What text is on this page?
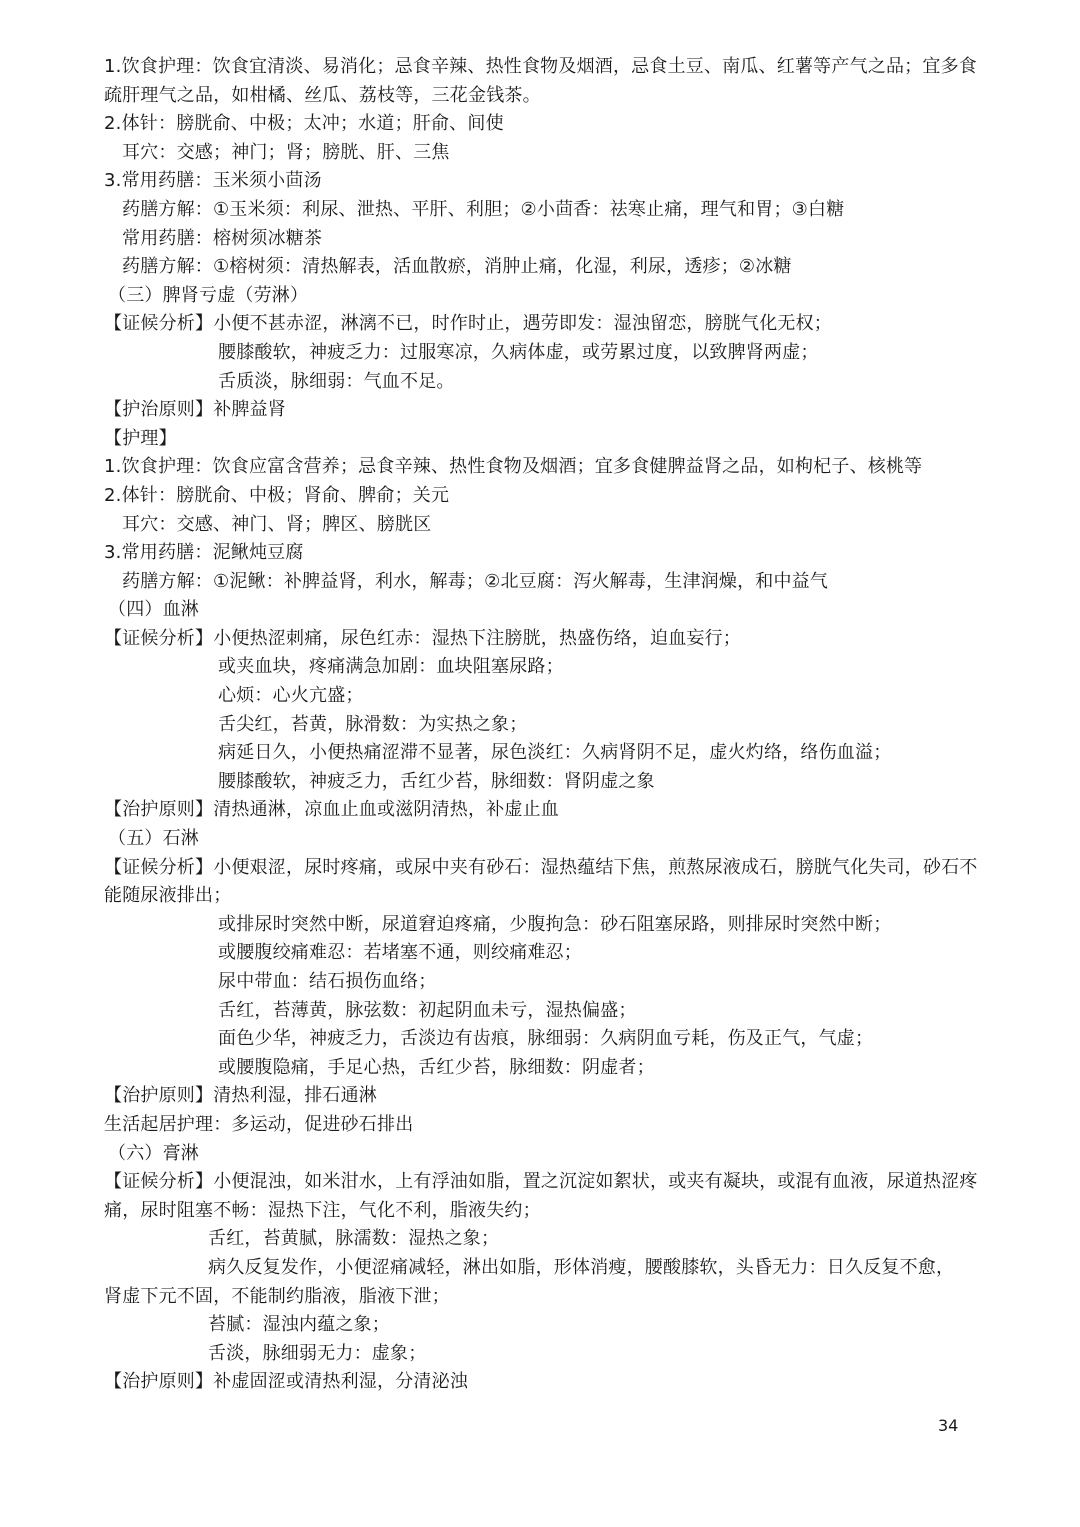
1.饮食护理：饮食宜清淡、易消化；忌食辛辣、热性食物及烟酒，忌食土豆、南瓜、红薯等产气之品；宜多食疏肝理气之品，如柑橘、丝瓜、荔枝等，三花金钱茶。
2.体针：膀胱俞、中极；太冲；水道；肝俞、间使
耳穴：交感；神门；肾；膀胱、肝、三焦
3.常用药膳：玉米须小茴汤
药膳方解：①玉米须：利尿、泄热、平肝、利胆；②小茴香：祛寒止痛，理气和胃；③白糖
常用药膳：榕树须冰糖茶
药膳方解：①榕树须：清热解表，活血散瘀，消肿止痛，化湿，利尿，透疹；②冰糖
（三）脾肾亏虚（劳淋）
【证候分析】小便不甚赤涩，淋漓不已，时作时止，遇劳即发：湿浊留恋，膀胱气化无权；
腰膝酸软，神疲乏力：过服寒凉，久病体虚，或劳累过度，以致脾肾两虚；
舌质淡，脉细弱：气血不足。
【护治原则】补脾益肾
【护理】
1.饮食护理：饮食应富含营养；忌食辛辣、热性食物及烟酒；宜多食健脾益肾之品，如枸杞子、核桃等
2.体针：膀胱俞、中极；肾俞、脾俞；关元
耳穴：交感、神门、肾；脾区、膀胱区
3.常用药膳：泥鳅炖豆腐
药膳方解：①泥鳅：补脾益肾，利水，解毒；②北豆腐：泻火解毒，生津润燥，和中益气
（四）血淋
【证候分析】小便热涩刺痛，尿色红赤：湿热下注膀胱，热盛伤络，迫血妄行；
或夹血块，疼痛满急加剧：血块阻塞尿路；
心烦：心火亢盛；
舌尖红，苔黄，脉滑数：为实热之象；
病延日久，小便热痛涩滞不显著，尿色淡红：久病肾阴不足，虚火灼络，络伤血溢；
腰膝酸软，神疲乏力，舌红少苔，脉细数：肾阴虚之象
【治护原则】清热通淋，凉血止血或滋阴清热，补虚止血
（五）石淋
【证候分析】小便艰涩，尿时疼痛，或尿中夹有砂石：湿热蕴结下焦，煎熬尿液成石，膀胱气化失司，砂石不能随尿液排出；
或排尿时突然中断，尿道窘迫疼痛，少腹拘急：砂石阻塞尿路，则排尿时突然中断；
或腰腹绞痛难忍：若堵塞不通，则绞痛难忍；
尿中带血：结石损伤血络；
舌红，苔薄黄，脉弦数：初起阴血未亏，湿热偏盛；
面色少华，神疲乏力，舌淡边有齿痕，脉细弱：久病阴血亏耗，伤及正气，气虚；
或腰腹隐痛，手足心热，舌红少苔，脉细数：阴虚者；
【治护原则】清热利湿，排石通淋
生活起居护理：多运动，促进砂石排出
（六）膏淋
【证候分析】小便混浊，如米泔水，上有浮油如脂，置之沉淀如絮状，或夹有凝块，或混有血液，尿道热涩疼痛，尿时阻塞不畅：湿热下注，气化不利，脂液失约；
舌红，苔黄腻，脉濡数：湿热之象；
病久反复发作，小便涩痛减轻，淋出如脂，形体消瘦，腰酸膝软，头昏无力：日久反复不愈，
肾虚下元不固，不能制约脂液，脂液下泄；
苔腻：湿浊内蕴之象；
舌淡，脉细弱无力：虚象；
【治护原则】补虚固涩或清热利湿，分清泌浊
34
